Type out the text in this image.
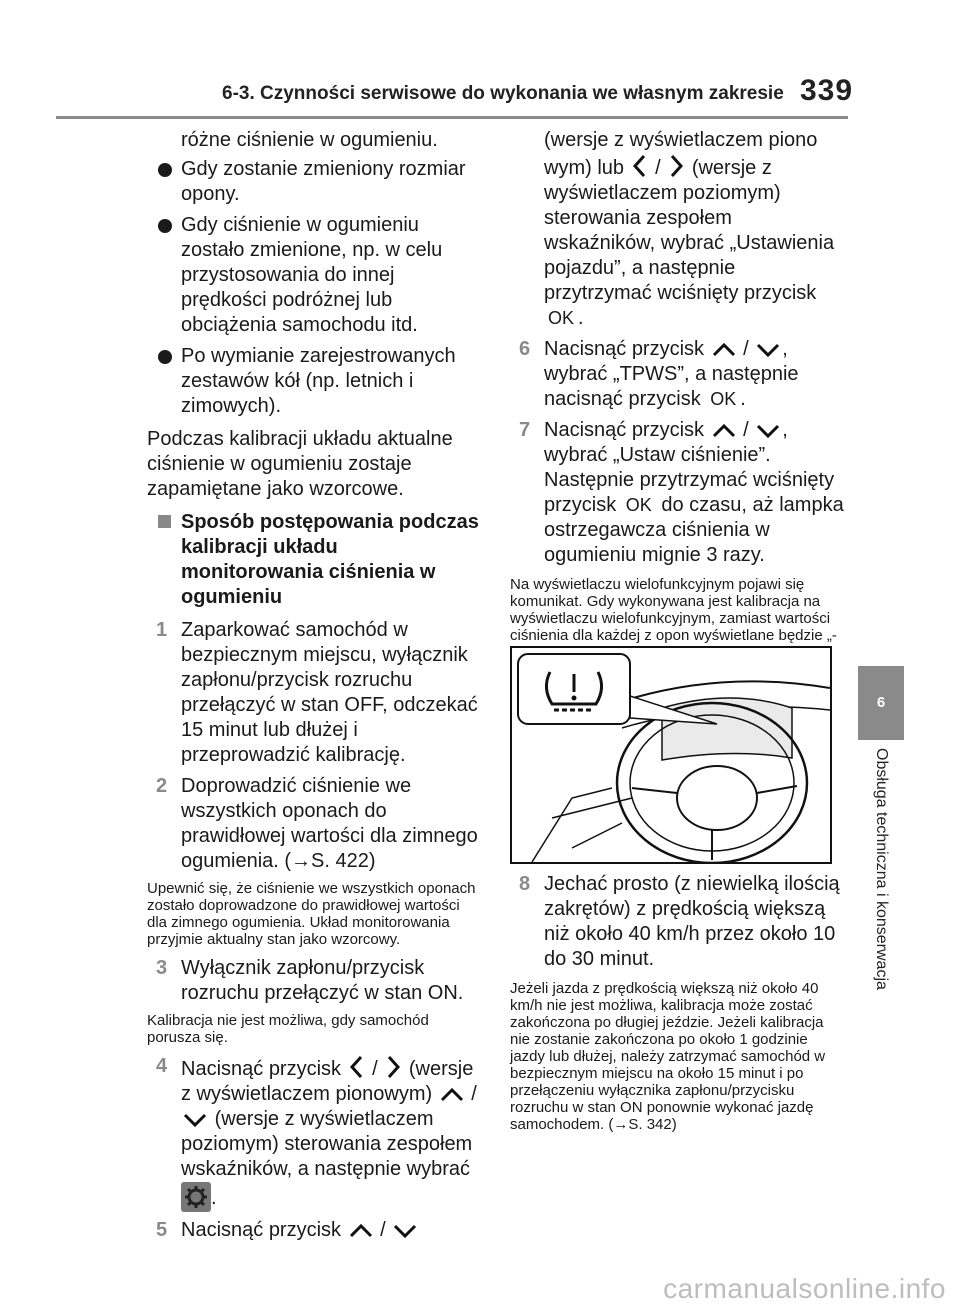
6-3. Czynności serwisowe do wykonania we własnym zakresie 339
6
Obsługa techniczna i konserwacja

różne ciśnienie w ogumieniu.

Gdy zostanie zmieniony rozmiar opony.

Gdy ciśnienie w ogumieniu zostało zmienione, np. w celu przystosowania do innej prędkości podróżnej lub obciążenia samochodu itd.

Po wymianie zarejestrowanych zestawów kół (np. letnich i zimowych).

Podczas kalibracji układu aktualne ciśnienie w ogumieniu zostaje zapamiętane jako wzorcowe.

Sposób postępowania podczas kalibracji układu monitorowania ciśnienia w ogumieniu

1 Zaparkować samochód w bezpiecznym miejscu, wyłącznik zapłonu/przycisk rozruchu przełączyć w stan OFF, odczekać 15 minut lub dłużej i przeprowadzić kalibrację.

2 Doprowadzić ciśnienie we wszystkich oponach do prawidłowej wartości dla zimnego ogumienia. (→S. 422)

Upewnić się, że ciśnienie we wszystkich oponach zostało doprowadzone do prawidłowej wartości dla zimnego ogumienia. Układ monitorowania przyjmie aktualny stan jako wzorcowy.

3 Wyłącznik zapłonu/przycisk rozruchu przełączyć w stan ON.

Kalibracja nie jest możliwa, gdy samochód porusza się.

4 Nacisnąć przycisk / (wersje z wyświetlaczem pionowym) /  (wersje z wyświetlaczem poziomym) sterowania zespołem wskaźników, a następnie wybrać
.

5 Nacisnąć przycisk /

(wersje z wyświetlaczem piono wym) lub / (wersje z wyświetlaczem poziomym) sterowania zespołem wskaźników, wybrać „Ustawienia pojazdu”, a następnie przytrzymać wciśnięty przycisk OK .

6 Nacisnąć przycisk / , wybrać „TPWS”, a następnie nacisnąć przycisk OK .

7 Nacisnąć przycisk / , wybrać „Ustaw ciśnienie”. Następnie przytrzymać wciśnięty przycisk OK do czasu, aż lampka ostrzegawcza ciśnienia w ogumieniu mignie 3 razy.

Na wyświetlaczu wielofunkcyjnym pojawi się komunikat. Gdy wykonywana jest kalibracja na wyświetlaczu wielofunkcyjnym, zamiast wartości ciśnienia dla każdej z opon wyświetlane będzie „-

8 Jechać prosto (z niewielką ilością zakrętów) z prędkością większą niż około 40 km/h przez około 10 do 30 minut.

Jeżeli jazda z prędkością większą niż około 40 km/h nie jest możliwa, kalibracja może zostać zakończona po długiej jeździe. Jeżeli kalibracja nie zostanie zakończona po około 1 godzinie jazdy lub dłużej, należy zatrzymać samochód w bezpiecznym miejscu na około 15 minut i po przełączeniu wyłącznika zapłonu/przycisku rozruchu w stan ON ponownie wykonać jazdę samochodem. (→S. 342)

carmanualsonline.info
